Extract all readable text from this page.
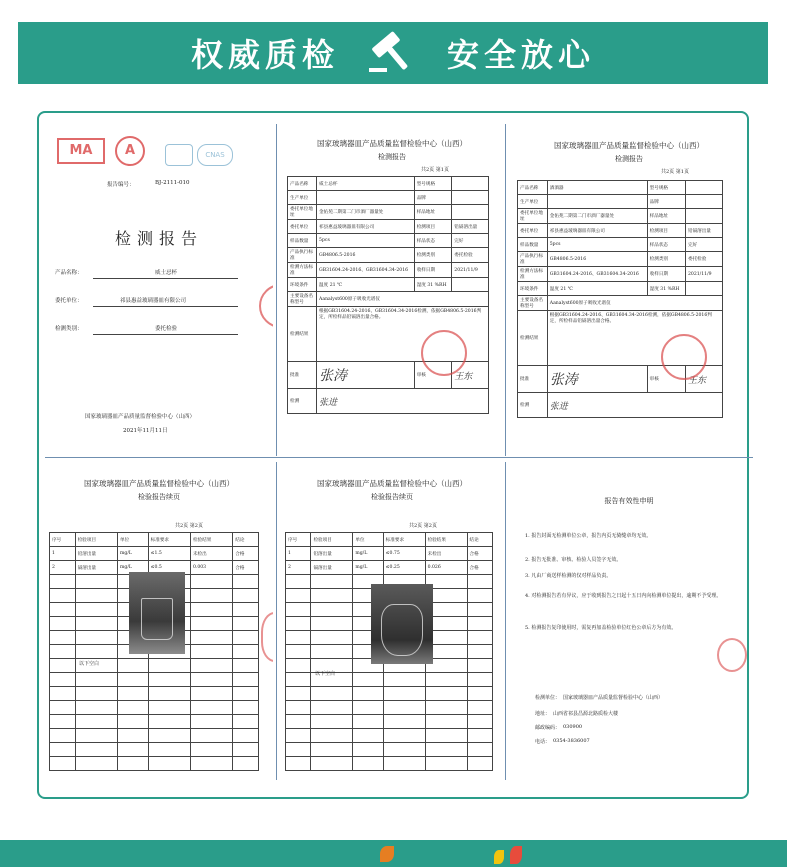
权威质检	安全放心
MA	A	CNAS
报告编号：	BJ-2111-010
检测报告
产品名称：	威士忌杯
委托单位：	祁县惠益玻璃器皿有限公司
检测类别：	委托检验
国家玻璃器皿产品质量监督检验中心（山西）
2021年11月11日
国家玻璃器皿产品质量监督检验中心（山西）
检测报告
共2页 第1页
产品名称	威士忌杯	型号规格	
生产单位		品牌	
委托单位地址	金佑苑二期第二门市酒厂器量处	样品地址	
委托单位	祁县惠益玻璃器皿有限公司	检测项目	铅镉溶出量
样品数量	5pcs	样品状态	完好
产品执行标准	GB4806.5-2016	检测类别	委托检验
检测方法标准	GB31604.24-2016、GB31604.34-2016	收样日期	2021/11/9
环境条件	温度 21 ℃	湿度 31 %RH	
主要设备名称型号	Aanalyst600原子吸收光谱仪		
检测结果	根据GB31604.24-2016、GB31604.34-2016检测，依据GB4806.5-2016判定，所检样品铅镉溶出量合格。		
批准	张涛	审核	王东
检测	张进		
国家玻璃器皿产品质量监督检验中心（山西）
检测报告
共2页 第1页
产品名称	酒酒器	型号规格	
生产单位		品牌	
委托单位地址	金佑苑二期第二门市酒厂器量处	样品地址	
委托单位	祁县惠益玻璃器皿有限公司	检测项目	铅镉溶出量
样品数量	5pcs	样品状态	完好
产品执行标准	GB4806.5-2016	检测类别	委托检验
检测方法标准	GB31604.24-2016、GB31604.34-2016	收样日期	2021/11/9
环境条件	温度 21 ℃	湿度 31 %RH	
主要设备名称型号	Aanalyst600原子吸收光谱仪		
检测结果	根据GB31604.24-2016、GB31604.34-2016检测，依据GB4806.5-2016判定，所检样品铅镉溶出量合格。		
批准	张涛	审核	王东
检测	张进		
国家玻璃器皿产品质量监督检验中心（山西）
检验报告续页
共2页 第2页
序号	检验项目	单位	标准要求	检验结果	结论
1	铅溶出量	mg/L	≤1.5	未检出	合格
2	镉溶出量	mg/L	≤0.5	0.003	合格

以下空白
国家玻璃器皿产品质量监督检验中心（山西）
检验报告续页
共2页 第2页
序号	检验项目	单位	标准要求	检验结果	结论
1	铅溶出量	mg/L	≤0.75	未检出	合格
2	镉溶出量	mg/L	≤0.25	0.026	合格

以下空白
报告有效性申明
1. 报告封面无检测单位公章，报告内页无骑缝章均无效。
2. 报告无批准、审核、检验人员签字无效。
3. 凡由厂商送样检测的仅对样品负责。
4. 对检测报告若有异议，应于收到报告之日起十五日内向检测单位提出，逾期不予受理。
5. 检测报告复印使用时，需复再加盖检验单位红色公章后方为有效。
检测单位： 国家玻璃器皿产品质量监督检验中心（山西）
地址： 山西省祁县昌源北路质检大楼
邮政编码： 030900
电话： 0354-3836007
